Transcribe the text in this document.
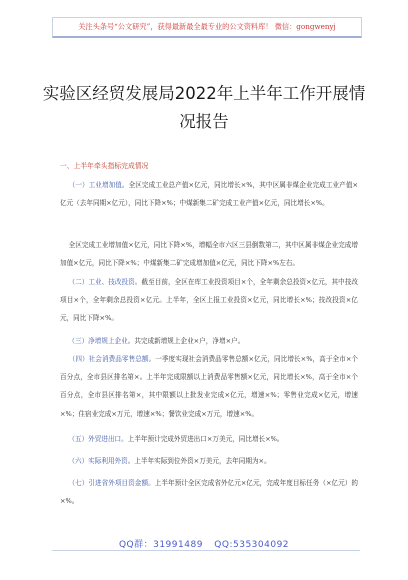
关注头条号“公文研究”，获得最新最全最专业的公文资料库！ 微信：gongwenyj
实验区经贸发展局2022年上半年工作开展情
况报告
一、上半年牵头指标完成情况
（一）工业增加值。全区完成工业总产值×亿元，同比增长×%，其中区属非煤企业完成工业产值×亿元（去年同期×亿元），同比下降×%；中煤新集二矿完成工业产值×亿元，同比增长×%。
全区完成工业增加值×亿元，同比下降×%，增幅全市六区三县倒数第二，其中区属非煤企业完成增加值×亿元，同比下降×%；中煤新集二矿完成增加值×亿元，同比下降×%左右。
（二）工业、技改投资。截至目前，全区在库工业投资项目×个，全年剩余总投资×亿元，其中技改项目×个，全年剩余总投资×亿元。上半年，全区上报工业投资×亿元，同比增长×%；技改投资×亿元，同比下降×%。
（三）净增规上企业。共完成新增规上企业×户，净增×户。
（四）社会消费品零售总额。一季度实现社会消费品零售总额×亿元，同比增长×%，高于全市×个百分点，全市县区排名第×。上半年完成限额以上消费品零售额×亿元，同比增长×%，高于全市×个百分点，全市县区排名第×，其中限额以上批发业完成×亿元，增速×%；零售业完成×亿元，增速×%；住宿业完成×万元，增速×%；餐饮业完成×万元，增速×%。
（五）外贸进出口。上半年预计完成外贸进出口×万美元，同比增长×%。
（六）实际利用外资。上半年实际到位外资×万美元，去年同期为×。
（七）引进省外项目资金额。上半年预计全区完成省外亿元×亿元，完成年度目标任务（×亿元）的×%。
QQ群：31991489 QQ:535304092
